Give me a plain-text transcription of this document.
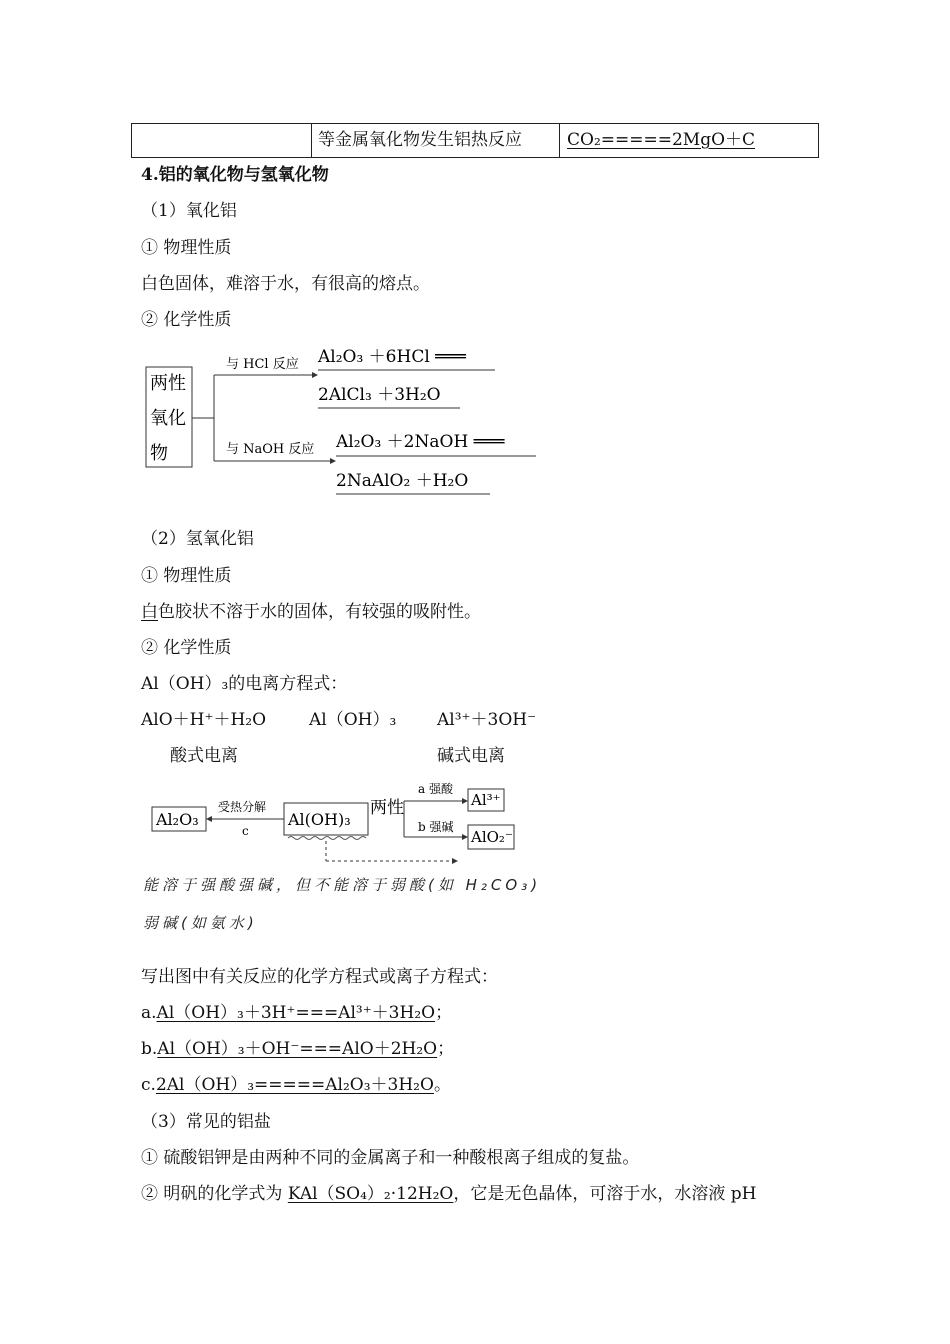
等金属氧化物发生铝热反应	CO₂=====2MgO＋C
4.铝的氧化物与氢氧化物
（1）氧化铝
① 物理性质
白色固体，难溶于水，有很高的熔点。
② 化学性质
两性
氧化
物
与 HCl 反应 Al₂O₃ ＋6HCl ═══
2AlCl₃ ＋3H₂O
与 NaOH 反应 Al₂O₃ ＋2NaOH ═══
2NaAlO₂ ＋H₂O
（2）氢氧化铝
① 物理性质
白色胶状不溶于水的固体，有较强的吸附性。
② 化学性质
Al（OH）₃的电离方程式：
AlO＋H⁺＋H₂O	Al（OH）₃ Al³⁺＋3OH⁻
酸式电离	碱式电离
Al₂O₃
受热分解
c
Al(OH)₃
两性
a 强酸
b 强碱
Al³⁺
AlO₂⁻
能溶于强酸强碱，但不能溶于弱酸(如 H₂CO₃)
弱碱(如氨水)
写出图中有关反应的化学方程式或离子方程式：
a.Al（OH）₃＋3H⁺===Al³⁺＋3H₂O；
b.Al（OH）₃＋OH⁻===AlO＋2H₂O；
c.2Al（OH）₃=====Al₂O₃＋3H₂O。
（3）常见的铝盐
① 硫酸铝钾是由两种不同的金属离子和一种酸根离子组成的复盐。
② 明矾的化学式为 KAl（SO₄）₂·12H₂O，它是无色晶体，可溶于水，水溶液 pH
